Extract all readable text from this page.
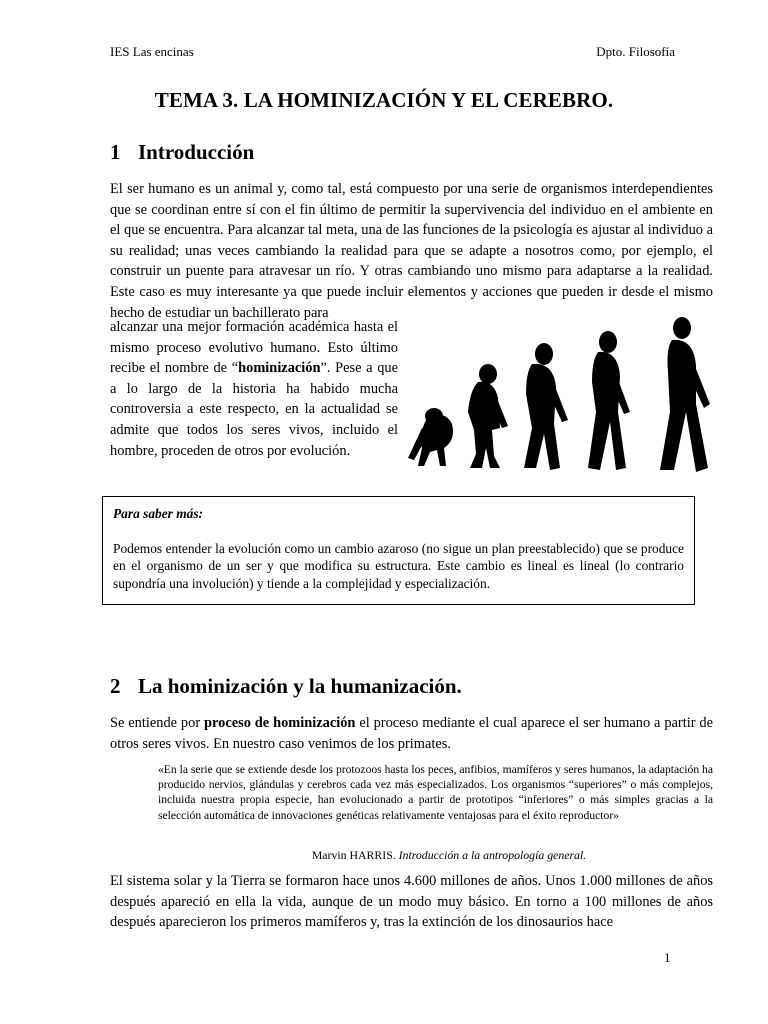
IES Las encinas	Dpto. Filosofía
TEMA 3. LA HOMINIZACIÓN Y EL CEREBRO.
1 Introducción
El ser humano es un animal y, como tal, está compuesto por una serie de organismos interdependientes que se coordinan entre sí con el fin último de permitir la supervivencia del individuo en el ambiente en el que se encuentra. Para alcanzar tal meta, una de las funciones de la psicología es ajustar al individuo a su realidad; unas veces cambiando la realidad para que se adapte a nosotros como, por ejemplo, el construir un puente para atravesar un río. Y otras cambiando uno mismo para adaptarse a la realidad. Este caso es muy interesante ya que puede incluir elementos y acciones que pueden ir desde el mismo hecho de estudiar un bachillerato para
alcanzar una mejor formación académica hasta el mismo proceso evolutivo humano. Esto último recibe el nombre de “hominización”. Pese a que a lo largo de la historia ha habido mucha controversia a este respecto, en la actualidad se admite que todos los seres vivos, incluido el hombre, proceden de otros por evolución.
Para saber más:
Podemos entender la evolución como un cambio azaroso (no sigue un plan preestablecido) que se produce en el organismo de un ser y que modifica su estructura. Este cambio es lineal es lineal (lo contrario supondría una involución) y tiende a la complejidad y especialización.
2 La hominización y la humanización.
Se entiende por proceso de hominización el proceso mediante el cual aparece el ser humano a partir de otros seres vivos. En nuestro caso venimos de los primates.
«En la serie que se extiende desde los protozoos hasta los peces, anfibios, mamíferos y seres humanos, la adaptación ha producido nervios, glándulas y cerebros cada vez más especializados. Los organismos “superiores” o más complejos, incluida nuestra propia especie, han evolucionado a partir de prototipos “inferiores” o más simples gracias a la selección automática de innovaciones genéticas relativamente ventajosas para el éxito reproductor»
Marvin HARRIS. Introducción a la antropología general.
El sistema solar y la Tierra se formaron hace unos 4.600 millones de años. Unos 1.000 millones de años después apareció en ella la vida, aunque de un modo muy básico. En torno a 100 millones de años después aparecieron los primeros mamíferos y, tras la extinción de los dinosaurios hace
1
